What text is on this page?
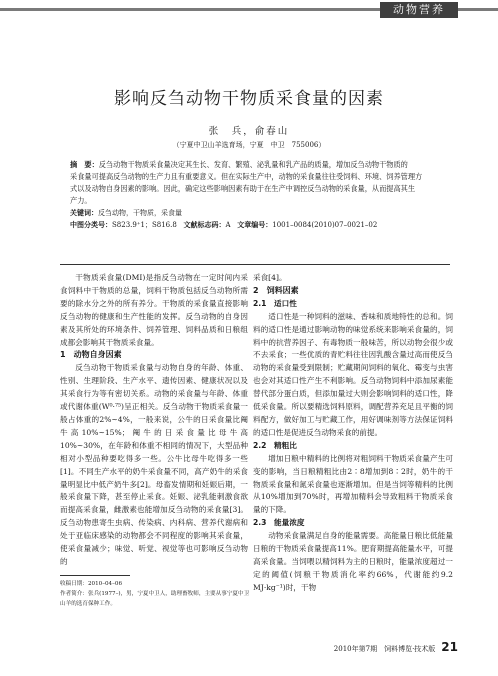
动物营养
影响反刍动物干物质采食量的因素
张　兵，俞春山
（宁夏中卫山羊选育场，宁夏　中卫　755006）
摘　要：反刍动物干物质采食量决定其生长、发育、繁殖、泌乳量和乳产品的质量，增加反刍动物干物质的
采食量可提高反刍动物的生产力且有重要意义。但在实际生产中，动物的采食量往往受饲料、环境、饲养管理方
式以及动物自身因素的影响。因此，确定这些影响因素有助于在生产中调控反刍动物的采食量，从而提高其生
产力。
关键词：反刍动物，干物质，采食量
中图分类号：S823.9⁺1；S816.8 文献标志码：A 文章编号：1001–0084(2010)07–0021–02

干物质采食量(DMI)是指反刍动物在一定时间内采食饲料中干物质的总量，饲料干物质包括反刍动物所需要的除水分之外的所有养分。干物质的采食量直接影响反刍动物的健康和生产性能的发挥。反刍动物的自身因素及其所处的环境条件、饲养管理、饲料品质和日粮组成都会影响其干物质采食量。

1　动物自身因素

反刍动物干物质采食量与动物自身的年龄、体重、性别、生理阶段、生产水平、遗传因素、健康状况以及其采食行为等有密切关系。动物的采食量与年龄、体重或代谢体重(W⁰·⁷⁵)呈正相关。反刍动物干物质采食量一般占体重的2%~4%，一般来说，公牛的日采食量比阉牛高10%~15%；阉牛的日采食量比母牛高10%~30%，在年龄和体重不相同的情况下，大型品种相对小型品种要吃得多一些。公牛比母牛吃得多一些[1]。不同生产水平的奶牛采食量不同，高产奶牛的采食量明显比中低产奶牛多[2]。母畜发情期和妊娠后期，一般采食量下降，甚至停止采食。妊娠、泌乳能刺激食欲而提高采食量，雌激素也能增加反刍动物的采食量[3]。反刍动物患寄生虫病、传染病、内科病、营养代谢病和处于亚临床感染的动物都会不同程度的影响其采食量，使采食量减少；味觉、听觉、视觉等也可影响反刍动物的

采食[4]。

2　饲料因素
2.1　适口性

适口性是一种饲料的滋味、香味和质地特性的总和。饲料的适口性是通过影响动物的味觉系统来影响采食量的，饲料中的抗营养因子、有毒物质一般味苦，所以动物会很少或不去采食；一些优质的青贮料往往因乳酸含量过高而使反刍动物的采食量受到限制；贮藏期间饲料的氧化、霉变与虫害也会对其适口性产生不利影响。反刍动物饲料中添加尿素能替代部分蛋白质，但添加量过大则会影响饲料的适口性，降低采食量。所以要精选饲料原料，调配营养充足且平衡的饲料配方，做好加工与贮藏工作，用好调味剂等方法保证饲料的适口性是促进反刍动物采食的前提。

2.2　精粗比

增加日粮中精料的比例将对粗饲料干物质采食量产生可变的影响，当日粮精粗比由2∶8增加到8∶2时，奶牛的干物质采食量和氮采食量也逐渐增加。但是当饲等精料的比例从10%增加到70%时，再增加精料会导致粗料干物质采食量的下降。

2.3　能量浓度

动物采食量满足自身的能量需要。高能量日粮比低能量日粮的干物质采食量提高11%。肥育期提高能量水平，可提高采食量。当饲喂以精饲料为主的日粮时，能量浓度超过一定的阈值(饲粮干物质消化率约66%，代谢能约9.2 MJ·kg⁻¹)时，干物

收稿日期：2010–04–06
作者简介：张兵(1977–)，男，宁夏中卫人，助理畜牧师，主要从事宁夏中卫山羊的选育保种工作。
2010年第7期　饲料博览·技术版 21
